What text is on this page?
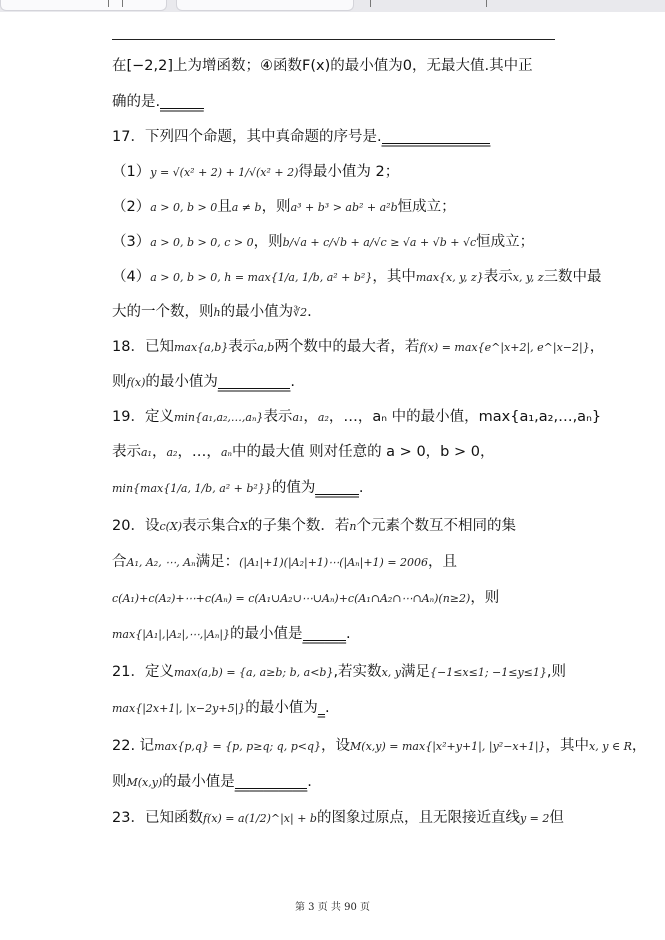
在[−2,2]上为增函数；④函数F(x)的最小值为0，无最大值.其中正
确的是.______
17．下列四个命题，其中真命题的序号是._______________
（1）y = √(x² + 2) + 1/√(x² + 2)得最小值为 2；
（2）a > 0, b > 0且a ≠ b，则a³ + b³ > ab² + a²b恒成立；
（3）a > 0, b > 0, c > 0，则b/√a + c/√b + a/√c ≥ √a + √b + √c恒成立；
（4）a > 0, b > 0, h = max{1/a, 1/b, a² + b²}，其中max{x, y, z}表示x, y, z三数中最
大的一个数，则h的最小值为∛2.
18．已知max{a,b}表示a,b两个数中的最大者，若f(x) = max{e^|x+2|, e^|x−2|}，
则f(x)的最小值为__________.
19．定义min{a₁,a₂,…,aₙ}表示a₁，a₂，…，aₙ 中的最小值，max{a₁,a₂,…,aₙ}
表示a₁，a₂，…，aₙ中的最大值 则对任意的 a > 0，b > 0，
min{max{1/a, 1/b, a² + b²}}的值为______.
20．设c(X)表示集合X的子集个数．若n个元素个数互不相同的集
合A₁, A₂, ⋯, Aₙ满足：(|A₁|+1)(|A₂|+1)⋯(|Aₙ|+1) = 2006，且
c(A₁)+c(A₂)+⋯+c(Aₙ) = c(A₁∪A₂∪⋯∪Aₙ)+c(A₁∩A₂∩⋯∩Aₙ)(n≥2)，则
max{|A₁|,|A₂|,⋯,|Aₙ|}的最小值是______.
21．定义max(a,b) = {a, a≥b; b, a<b},若实数x, y满足{−1≤x≤1; −1≤y≤1},则
max{|2x+1|, |x−2y+5|}的最小值为_.
22. 记max{p,q} = {p, p≥q; q, p<q}，设M(x,y) = max{|x²+y+1|, |y²−x+1|}，其中x, y ∈ R，
则M(x,y)的最小值是__________.
23．已知函数f(x) = a(1/2)^|x| + b的图象过原点，且无限接近直线y = 2但
第 3 页 共 90 页
